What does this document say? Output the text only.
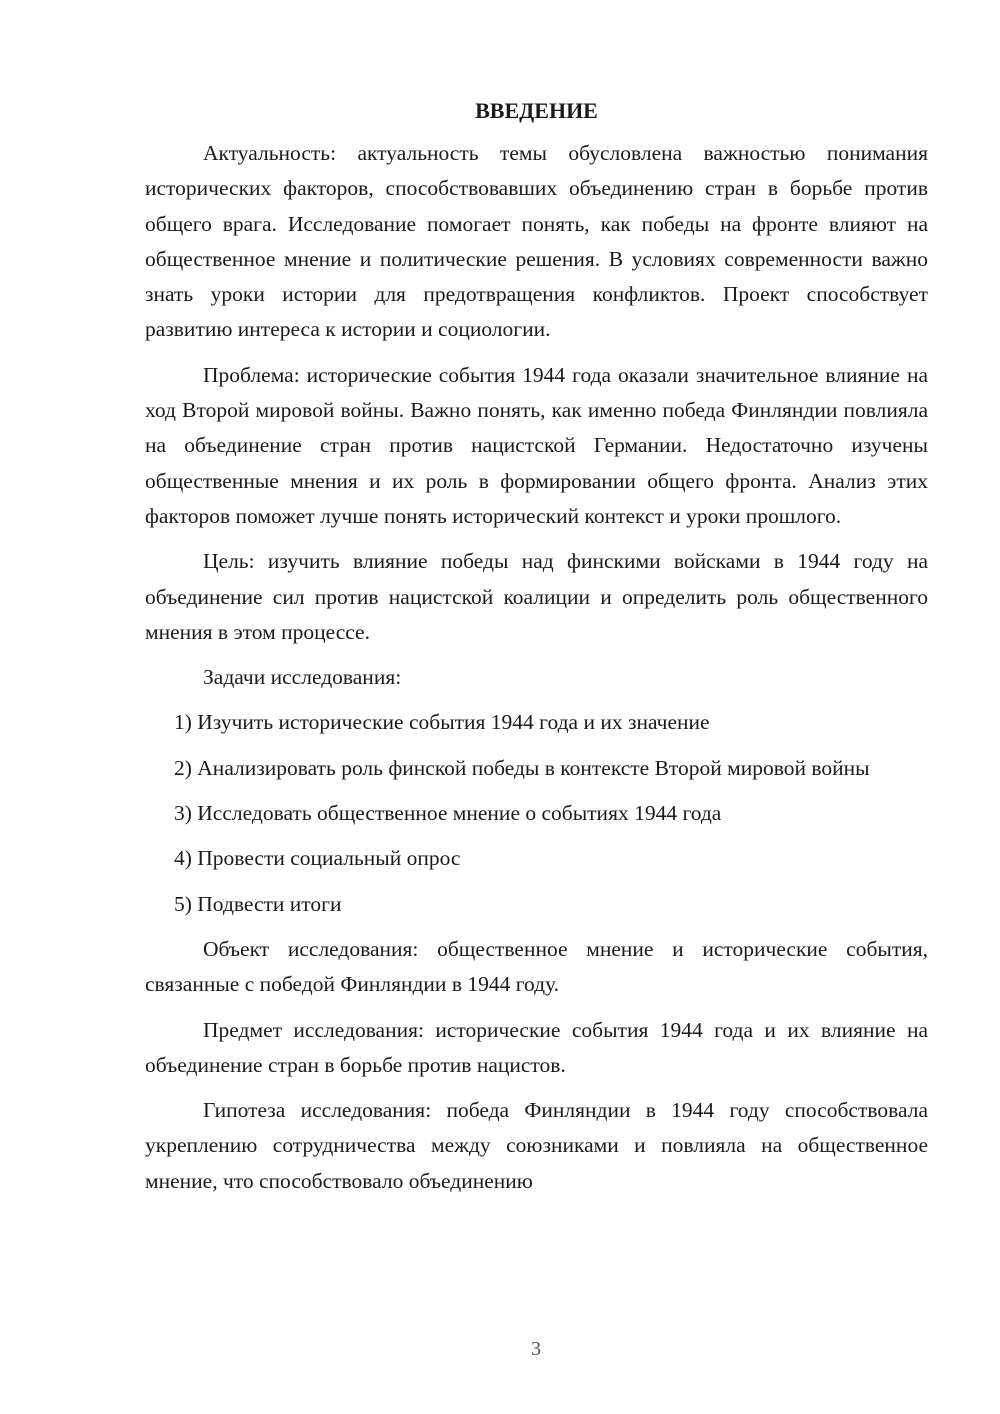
ВВЕДЕНИЕ

Актуальность: актуальность темы обусловлена важностью понимания исторических факторов, способствовавших объединению стран в борьбе против общего врага. Исследование помогает понять, как победы на фронте влияют на общественное мнение и политические решения. В условиях современности важно знать уроки истории для предотвращения конфликтов. Проект способствует развитию интереса к истории и социологии.

Проблема: исторические события 1944 года оказали значительное влияние на ход Второй мировой войны. Важно понять, как именно победа Финляндии повлияла на объединение стран против нацистской Германии. Недостаточно изучены общественные мнения и их роль в формировании общего фронта. Анализ этих факторов поможет лучше понять исторический контекст и уроки прошлого.

Цель: изучить влияние победы над финскими войсками в 1944 году на объединение сил против нацистской коалиции и определить роль общественного мнения в этом процессе.

Задачи исследования:

1) Изучить исторические события 1944 года и их значение

2) Анализировать роль финской победы в контексте Второй мировой войны

3) Исследовать общественное мнение о событиях 1944 года

4) Провести социальный опрос

5) Подвести итоги

Объект исследования: общественное мнение и исторические события, связанные с победой Финляндии в 1944 году.

Предмет исследования: исторические события 1944 года и их влияние на объединение стран в борьбе против нацистов.

Гипотеза исследования: победа Финляндии в 1944 году способствовала укреплению сотрудничества между союзниками и повлияла на общественное мнение, что способствовало объединению

3
